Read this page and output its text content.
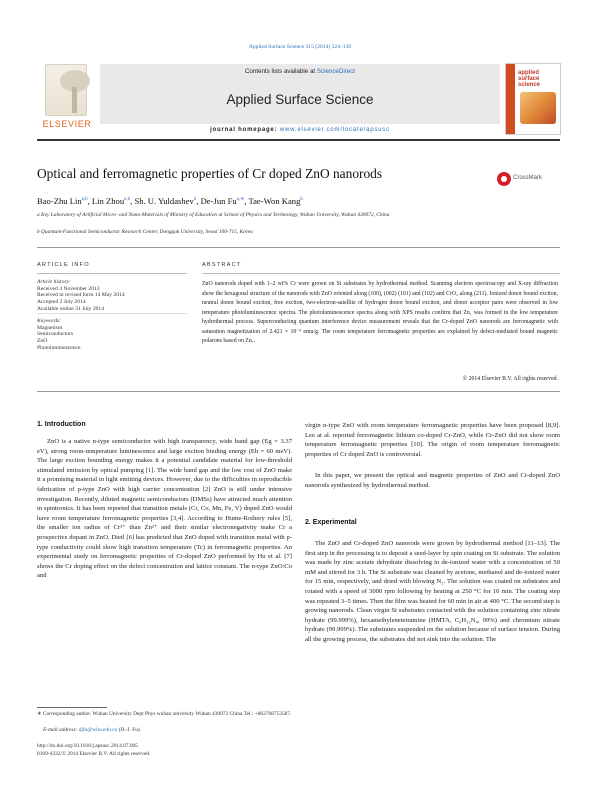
Applied Surface Science 315 (2014) 124–130
ELSEVIER
Contents lists available at ScienceDirect
Applied Surface Science
applied surface science
journal homepage: www.elsevier.com/locate/apsusc
Optical and ferromagnetic properties of Cr doped ZnO nanorods	CrossMark
Bao-Zhu Lin$^{a,b}$, Lin Zhou$^{a,b}$, Sh. U. Yuldashev$^b$, De-Jun $Fu^{a,∗}$, Tae-Won Kang$^b$
a Key Laboratory of Artificial Micro- and Nano-Materials of Ministry of Education at School of Physics and Technology, Wuhan University, Wuhan 430072, China
b Quantum-Functional Semiconductor Research Center, Dongguk University, Seoul 100-715, Korea
ARTICLE INFO
Article history:
Received 4 November 2013
Received in revised form 14 May 2014
Accepted 2 July 2014
Available online 31 July 2014
Keywords:
Magnetism
Semiconductors
ZnO
Photoluminescence
ABSTRACT
ZnO nanorods doped with 1–2 wt% Cr were grown on Si substrates by hydrothermal method. Scanning electron spectroscopy and X-ray diffraction show the hexagonal structure of the nanorods with ZnO oriented along (100), (002) (101) and (102) and CrO₂ along (211). Ionized donor bound exciton, neutral donor bound exciton, free exciton, two-electron-satellite of hydrogen donor bound exciton, and donor acceptor pairs were observed in low temperature photoluminescence spectra. The photoluminescence spectra along with XPS results confirm that Zn₁ was formed in the low temperature hydrothermal process. Superconducting quantum interference device measurement reveals that the Cr-doped ZnO nanorods are ferromagnetic with saturation magnetization of 2.421 × 10⁻³ emu/g. The room temperature ferromagnetic properties are explained by defect-mediated bound magnetic polarons based on Zn₁.
© 2014 Elsevier B.V. All rights reserved.
1. Introduction
ZnO is a native n-type semiconductor with high transparency, wide band gap (Eg = 3.37 eV), strong room-temperature luminescence and large exciton binding energy (Eb = 60 meV). The large exciton bounding energy makes it a potential candidate material for low-threshold stimulated emission by optical pumping [1]. The wide band gap and the low cost of ZnO make it a promising material in light emitting devices. However, due to the difficulties in reproducible fabrication of p-type ZnO with high carrier concentration [2] ZnO is still under intensive investigation. Recently, diluted magnetic semiconductors (DMSs) have attracted much attention in spintronics. It has been reported that transition metals (Cr, Co, Mn, Fe, V) doped ZnO would have room temperature ferromagnetic properties [3,4]. According to Hume-Rothery rules [5], the smaller ion radius of Cr³⁺ than Zn²⁺ and their similar electronegativity make Cr a prospective dopant in ZnO. Dietl [6] has predicted that ZnO doped with transition metal with p-type conductivity could show high transition temperature (Tc) in ferromagnetic properties. An experimental study on ferromagnetic properties of Cr-doped ZnO performed by Hu et al. [7] shows the Cr doping effect on the defect concentration and lattice constant. The n-type ZnO:Co and
virgin n-type ZnO with room temperature ferromagnetic properties have been proposed [8,9]. Lee at al. reported ferromagnetic lithium co-doped Cr-ZnO, while Cr-ZnO did not show room temperature ferromagnetic properties [10]. The origin of room temperature ferromagnetic properties of Cr doped ZnO is controversial.
In this paper, we present the optical and magnetic properties of ZnO and Cr-doped ZnO nanorods synthesized by hydrothermal method.
2. Experimental
The ZnO and Cr-doped ZnO nanorods were grown by hydrothermal method [11–13]. The first step in the processing is to deposit a seed-layer by spin coating on Si substrate. The solution was made by zinc acetate dehydrate dissolving in de-ionized water with a concentration of 50 mM and stirred for 3 h. The Si substrate was cleaned by acetone, methanol and de-ionized water for 15 min, respectively, and dried with blowing N₂. The solution was coated on substrates and rotated with a speed of 3000 rpm following by heating at 250 °C for 10 min. The coating step was repeated 3–5 times. Then the film was heated for 60 min in air at 400 °C. The second step is growing nanorods. Clean virgin Si substrates contacted with the solution containing zinc nitrate hydrate (99.999%), hexamethylenetetramine (HMTA, C₆H₁₂N₄, 99%) and chromium nitrate hydrate (99.999%). The substrates suspended on the solution because of surface tension. During all the growing process, the substrates did not sink into the solution. The
∗ Corresponding author. Wuhan University Dept Phys wuhan university Wuhan 430072 China Tel.: +862768753587.
E-mail address: djfu@whu.edu.cn (D.-J. Fu).
http://dx.doi.org/10.1016/j.apsusc.2014.07.005
0169-4332/© 2014 Elsevier B.V. All rights reserved.
